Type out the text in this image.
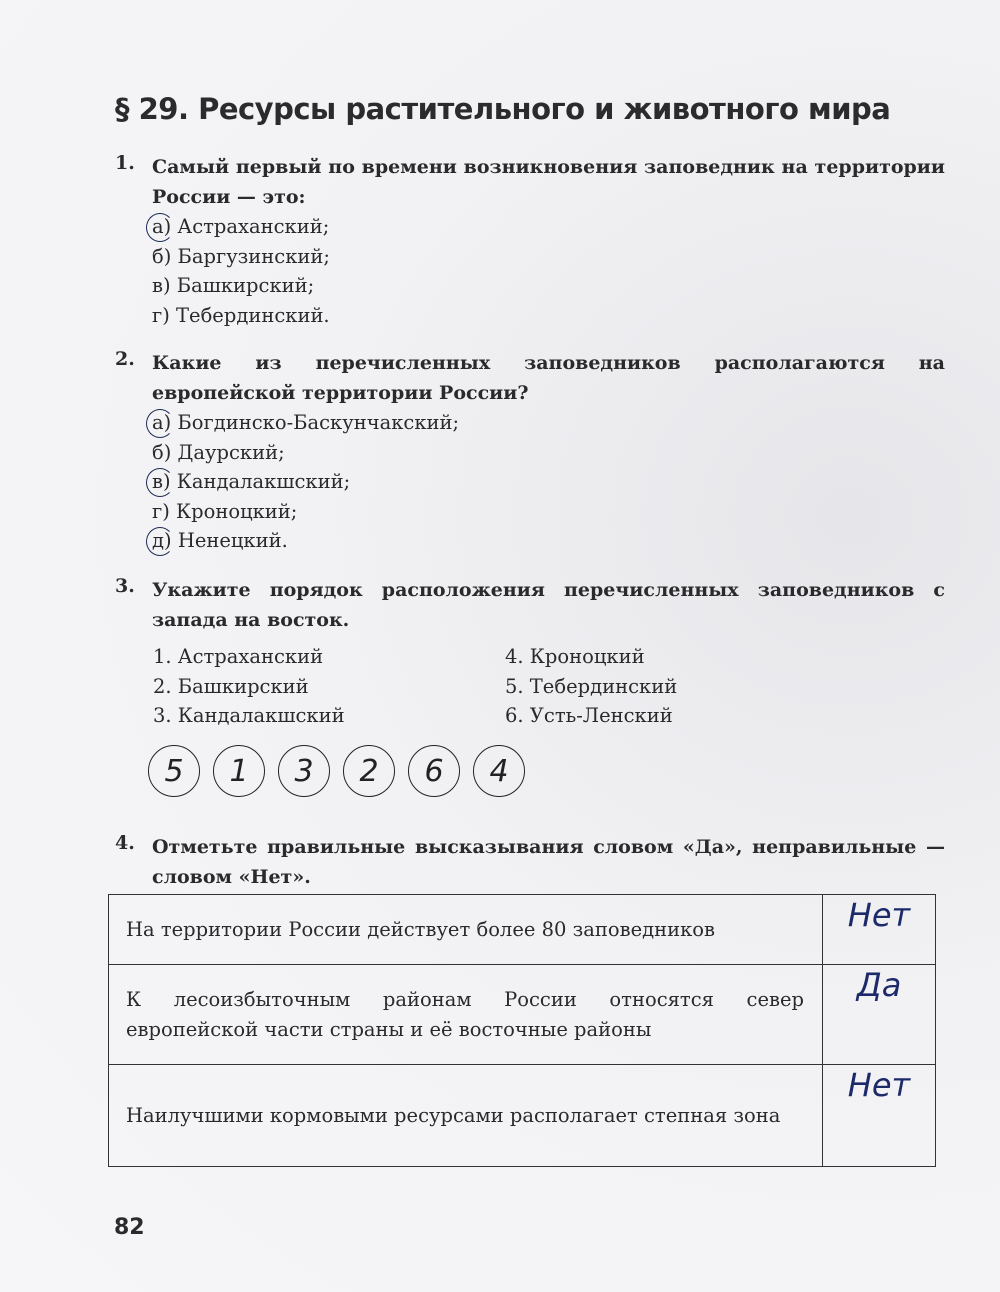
§ 29. Ресурсы растительного и животного мира
1. Самый первый по времени возникновения заповедник на территории России — это:
а) Астраханский;
б) Баргузинский;
в) Башкирский;
г) Тебердинский.
2. Какие из перечисленных заповедников располагаются на европейской территории России?
а) Богдинско-Баскунчакский;
б) Даурский;
в) Кандалакшский;
г) Кроноцкий;
д) Ненецкий.
3. Укажите порядок расположения перечисленных заповедников с запада на восток.
1. Астраханский	4. Кроноцкий
2. Башкирский	5. Тебердинский
3. Кандалакшский	6. Усть-Ленский
5	1	3	2	6	4
4. Отметьте правильные высказывания словом «Да», неправильные — словом «Нет».
На территории России действует более 80 заповедников	Нет
К лесоизбыточным районам России относятся север европейской части страны и её восточные районы	Да
Наилучшими кормовыми ресурсами располагает степная зона	Нет
82
